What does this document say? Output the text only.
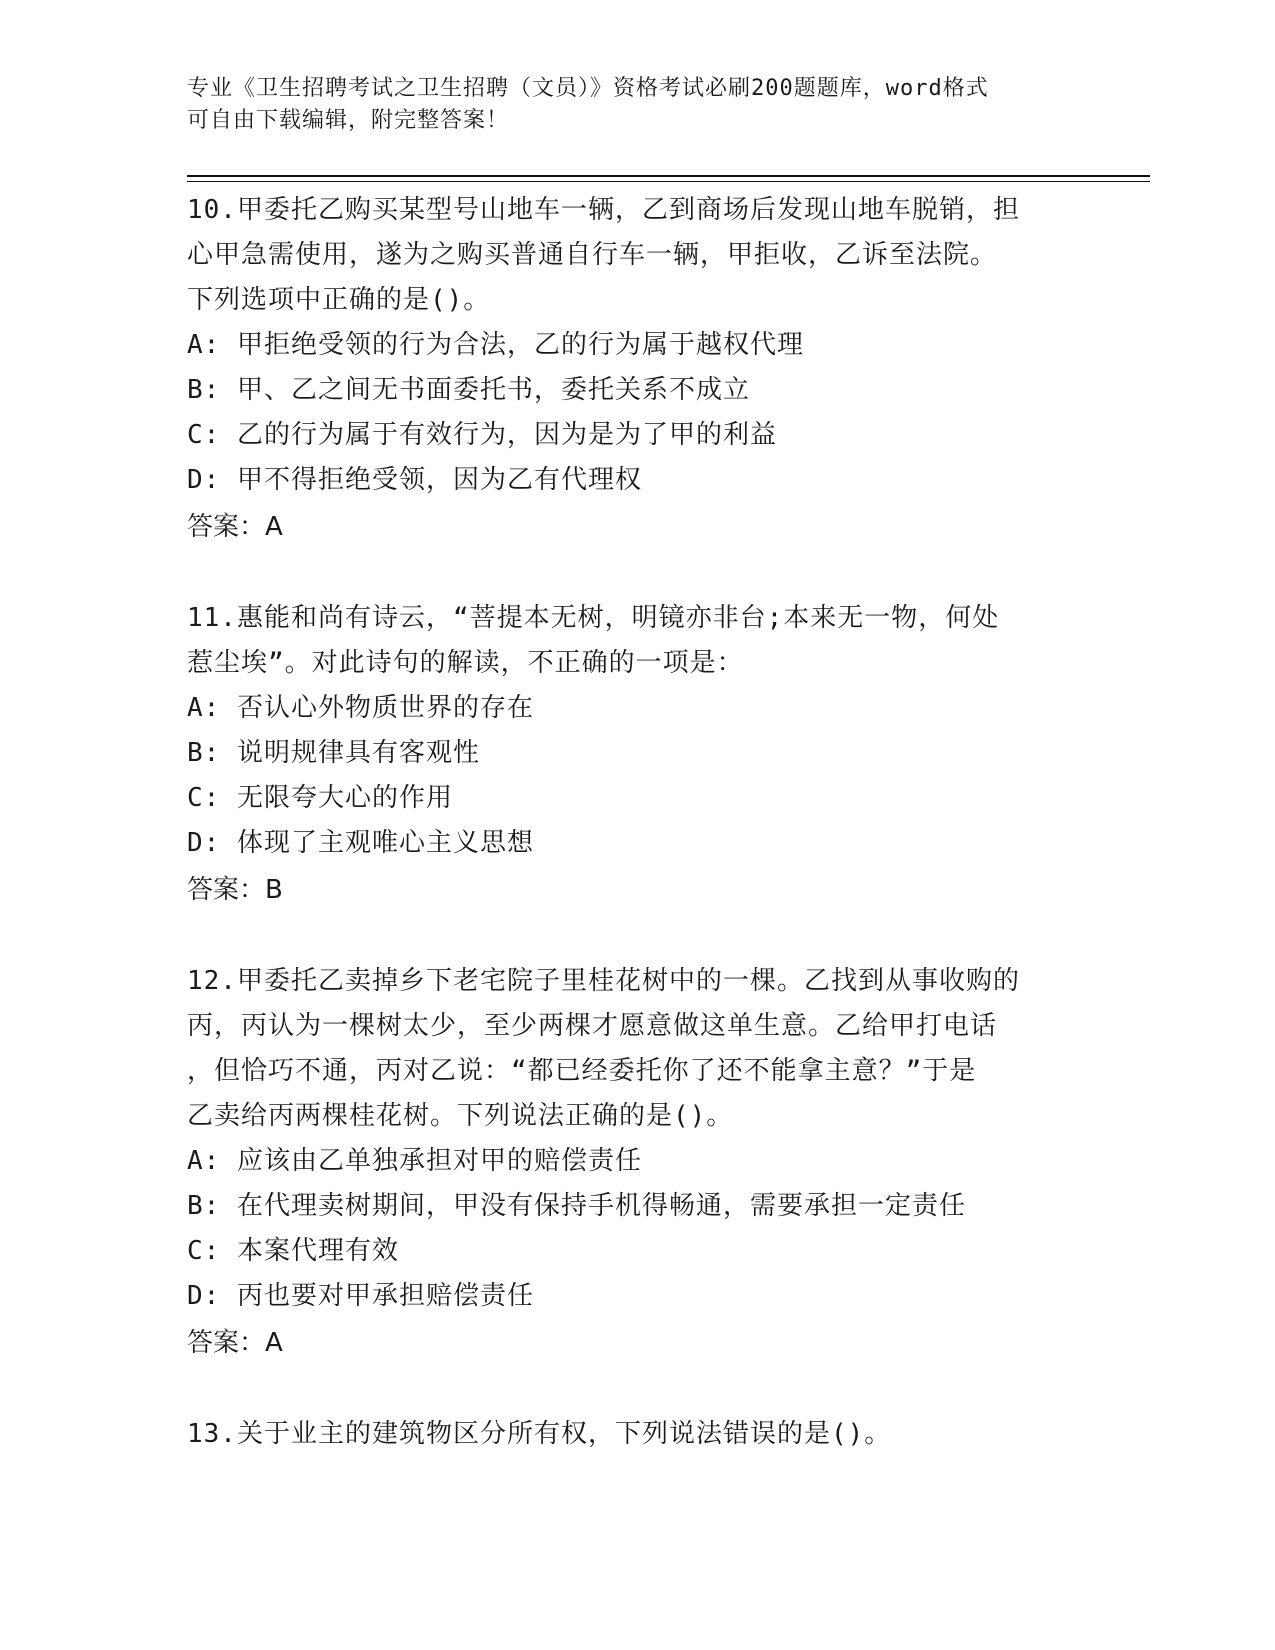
专业《卫生招聘考试之卫生招聘（文员）》资格考试必刷200题题库，word格式
可自由下载编辑，附完整答案！
10.甲委托乙购买某型号山地车一辆，乙到商场后发现山地车脱销，担
心甲急需使用，遂为之购买普通自行车一辆，甲拒收，乙诉至法院。
下列选项中正确的是()。
A: 甲拒绝受领的行为合法，乙的行为属于越权代理
B: 甲、乙之间无书面委托书，委托关系不成立
C: 乙的行为属于有效行为，因为是为了甲的利益
D: 甲不得拒绝受领，因为乙有代理权
答案：A
11.惠能和尚有诗云，“菩提本无树，明镜亦非台;本来无一物，何处
惹尘埃”。对此诗句的解读，不正确的一项是：
A: 否认心外物质世界的存在
B: 说明规律具有客观性
C: 无限夸大心的作用
D: 体现了主观唯心主义思想
答案：B
12.甲委托乙卖掉乡下老宅院子里桂花树中的一棵。乙找到从事收购的
丙，丙认为一棵树太少，至少两棵才愿意做这单生意。乙给甲打电话
，但恰巧不通，丙对乙说：“都已经委托你了还不能拿主意？”于是
乙卖给丙两棵桂花树。下列说法正确的是()。
A: 应该由乙单独承担对甲的赔偿责任
B: 在代理卖树期间，甲没有保持手机得畅通，需要承担一定责任
C: 本案代理有效
D: 丙也要对甲承担赔偿责任
答案：A
13.关于业主的建筑物区分所有权，下列说法错误的是()。
